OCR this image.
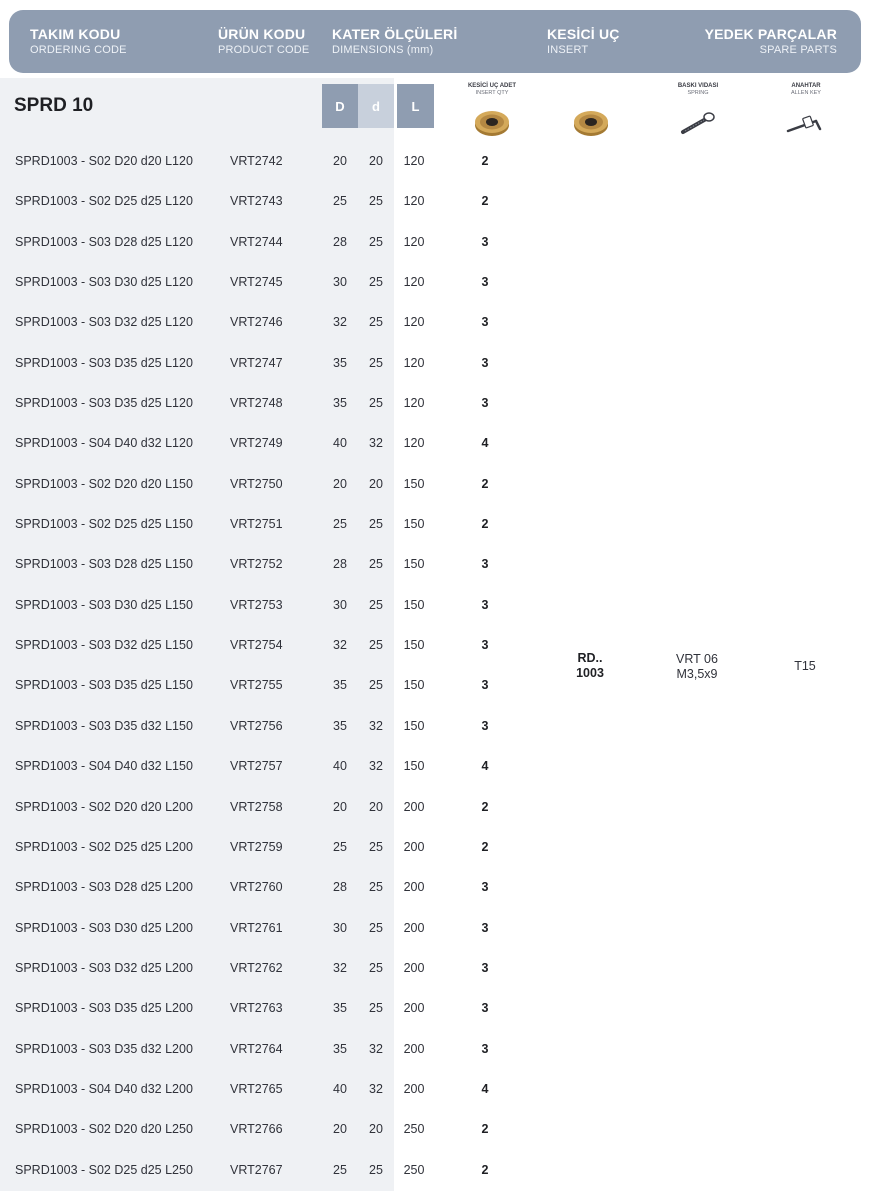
TAKIM KODU
ORDERING CODE
ÜRÜN KODU
PRODUCT CODE
KATER ÖLÇÜLERİ
DIMENSIONS (mm)
KESİCİ UÇ
INSERT
YEDEK PARÇALAR
SPARE PARTS
SPRD 10	D	d	L
KESİCİ UÇ ADET
INSERT QTY
BASKI VIDASI
SPRING
ANAHTAR
ALLEN KEY
SPRD1003 - S02 D20 d20 L120	VRT2742	20	20	120	2
SPRD1003 - S02 D25 d25 L120	VRT2743	25	25	120	2
SPRD1003 - S03 D28 d25 L120	VRT2744	28	25	120	3
SPRD1003 - S03 D30 d25 L120	VRT2745	30	25	120	3
SPRD1003 - S03 D32 d25 L120	VRT2746	32	25	120	3
SPRD1003 - S03 D35 d25 L120	VRT2747	35	25	120	3
SPRD1003 - S03 D35 d25 L120	VRT2748	35	25	120	3
SPRD1003 - S04 D40 d32 L120	VRT2749	40	32	120	4
SPRD1003 - S02 D20 d20 L150	VRT2750	20	20	150	2
SPRD1003 - S02 D25 d25 L150	VRT2751	25	25	150	2
SPRD1003 - S03 D28 d25 L150	VRT2752	28	25	150	3
SPRD1003 - S03 D30 d25 L150	VRT2753	30	25	150	3
SPRD1003 - S03 D32 d25 L150	VRT2754	32	25	150	3
SPRD1003 - S03 D35 d25 L150	VRT2755	35	25	150	3
SPRD1003 - S03 D35 d32 L150	VRT2756	35	32	150	3
SPRD1003 - S04 D40 d32 L150	VRT2757	40	32	150	4
SPRD1003 - S02 D20 d20 L200	VRT2758	20	20	200	2
SPRD1003 - S02 D25 d25 L200	VRT2759	25	25	200	2
SPRD1003 - S03 D28 d25 L200	VRT2760	28	25	200	3
SPRD1003 - S03 D30 d25 L200	VRT2761	30	25	200	3
SPRD1003 - S03 D32 d25 L200	VRT2762	32	25	200	3
SPRD1003 - S03 D35 d25 L200	VRT2763	35	25	200	3
SPRD1003 - S03 D35 d32 L200	VRT2764	35	32	200	3
SPRD1003 - S04 D40 d32 L200	VRT2765	40	32	200	4
SPRD1003 - S02 D20 d20 L250	VRT2766	20	20	250	2
SPRD1003 - S02 D25 d25 L250	VRT2767	25	25	250	2
RD..
1003
VRT 06
M3,5x9
T15
